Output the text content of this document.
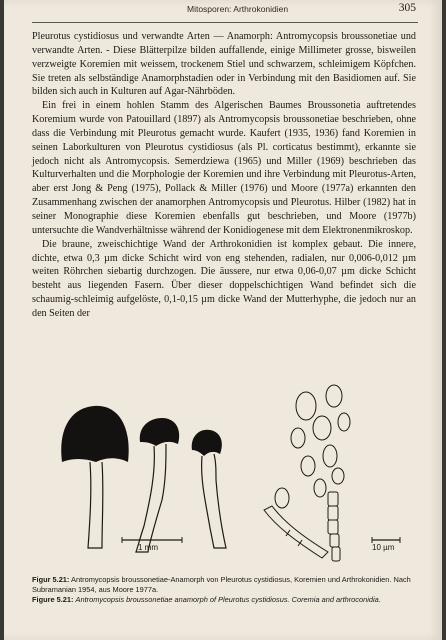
Mitosporen: Arthrokonidien	305

Pleurotus cystidiosus und verwandte Arten — Anamorph: Antromycopsis broussonetiae und verwandte Arten. - Diese Blätterpilze bilden auffallende, einige Millimeter grosse, bisweilen verzweigte Koremien mit weissem, trockenem Stiel und schwarzem, schleimigem Köpfchen. Sie treten als selbständige Anamorphstadien oder in Verbindung mit den Basidiomen auf. Sie bilden sich auch in Kulturen auf Agar-Nährböden.

Ein frei in einem hohlen Stamm des Algerischen Baumes Broussonetia auftretendes Koremium wurde von Patouillard (1897) als Antromycopsis broussonetiae beschrieben, ohne dass die Verbindung mit Pleurotus gemacht wurde. Kaufert (1935, 1936) fand Koremien in seinen Laborkulturen von Pleurotus cystidiosus (als Pl. corticatus bestimmt), erkannte sie jedoch nicht als Antromycopsis. Semerdziewa (1965) und Miller (1969) beschrieben das Kulturverhalten und die Morphologie der Koremien und ihre Verbindung mit Pleurotus-Arten, aber erst Jong & Peng (1975), Pollack & Miller (1976) und Moore (1977a) erkannten den Zusammenhang zwischen der anamorphen Antromycopsis und Pleurotus. Hilber (1982) hat in seiner Monographie diese Koremien ebenfalls gut beschrieben, und Moore (1977b) untersuchte die Wandverhältnisse während der Konidiogenese mit dem Elektronenmikroskop.

Die braune, zweischichtige Wand der Arthrokonidien ist komplex gebaut. Die innere, dichte, etwa 0,3 µm dicke Schicht wird von eng stehenden, radialen, nur 0,006-0,012 µm weiten Röhrchen siebartig durchzogen. Die äussere, nur etwa 0,06-0,07 µm dicke Schicht besteht aus liegenden Fasern. Über dieser doppelschichtigen Wand befindet sich die schaumig-schleimig aufgelöste, 0,1-0,15 µm dicke Wand der Mutterhyphe, die jedoch nur an den Seiten der

1 mm	10 µm

Figur 5.21: Antromycopsis broussonetiae-Anamorph von Pleurotus cystidiosus, Koremien und Arthrokonidien. Nach Subramanian 1954, aus Moore 1977a.

Figure 5.21: Antromycopsis broussonetiae anamorph of Pleurotus cystidiosus. Coremia and arthroconidia.
